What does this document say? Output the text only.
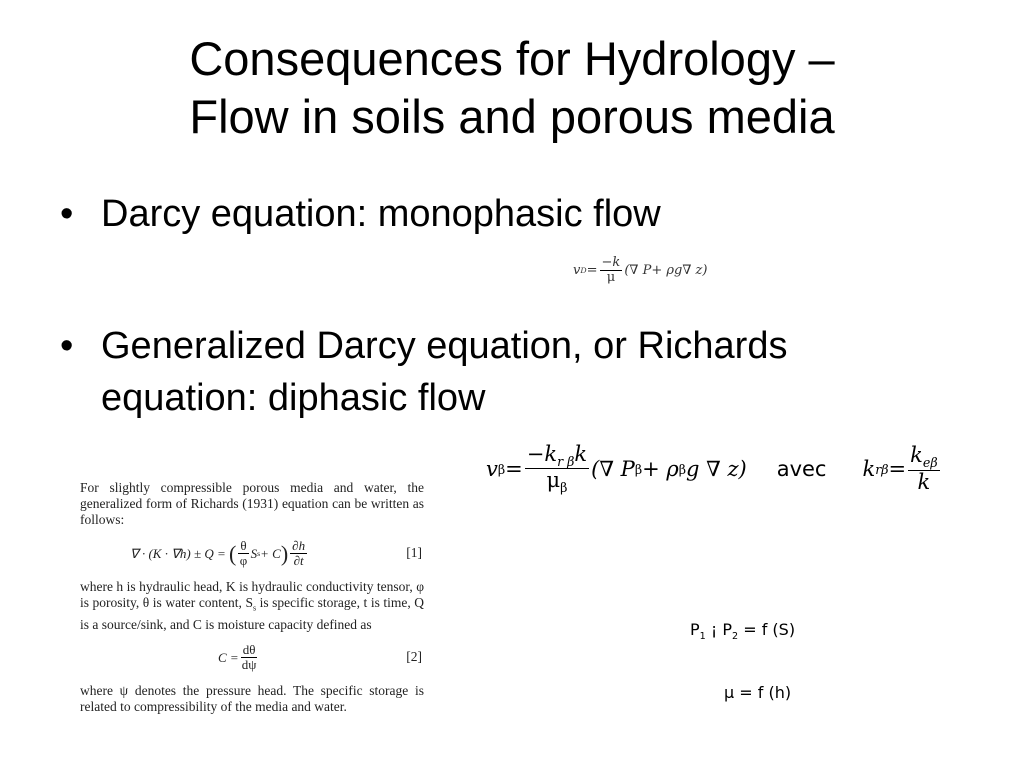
Consequences for Hydrology –
Flow in soils and porous media
• Darcy equation: monophasic flow
v $D = \frac{-k}{\mu}$ (∇ P+ ρg∇ z)
• Generalized Darcy equation, or Richards
equation: diphasic flow
v $\beta = \frac{-k_{r \beta}k}{\mu_\beta}$ (∇ P β + ρ β g ∇ z) avec k $r\beta = \frac{k_{e\beta}}{k}$

For slightly compressible porous media and water, the generalized form of Richards (1931) equation can be written as follows:

∇ · (K · ∇h) ± Q =
( $\frac{\theta}{\varphi}$ S s + C ) $\frac{\partial h}{\partial t}$	[1]

where h is hydraulic head, K is hydraulic conductivity tensor, φ is porosity, θ is water content, $S_s$ is specific storage, t is time, Q is a source/sink, and C is moisture capacity defined as

$C = \frac{d\theta}{d\psi}$	[2]

where ψ denotes the pressure head. The specific storage is related to compressibility of the media and water.

$P_1$ ¡ $P_2 = f$ (S)
μ = f (h)
